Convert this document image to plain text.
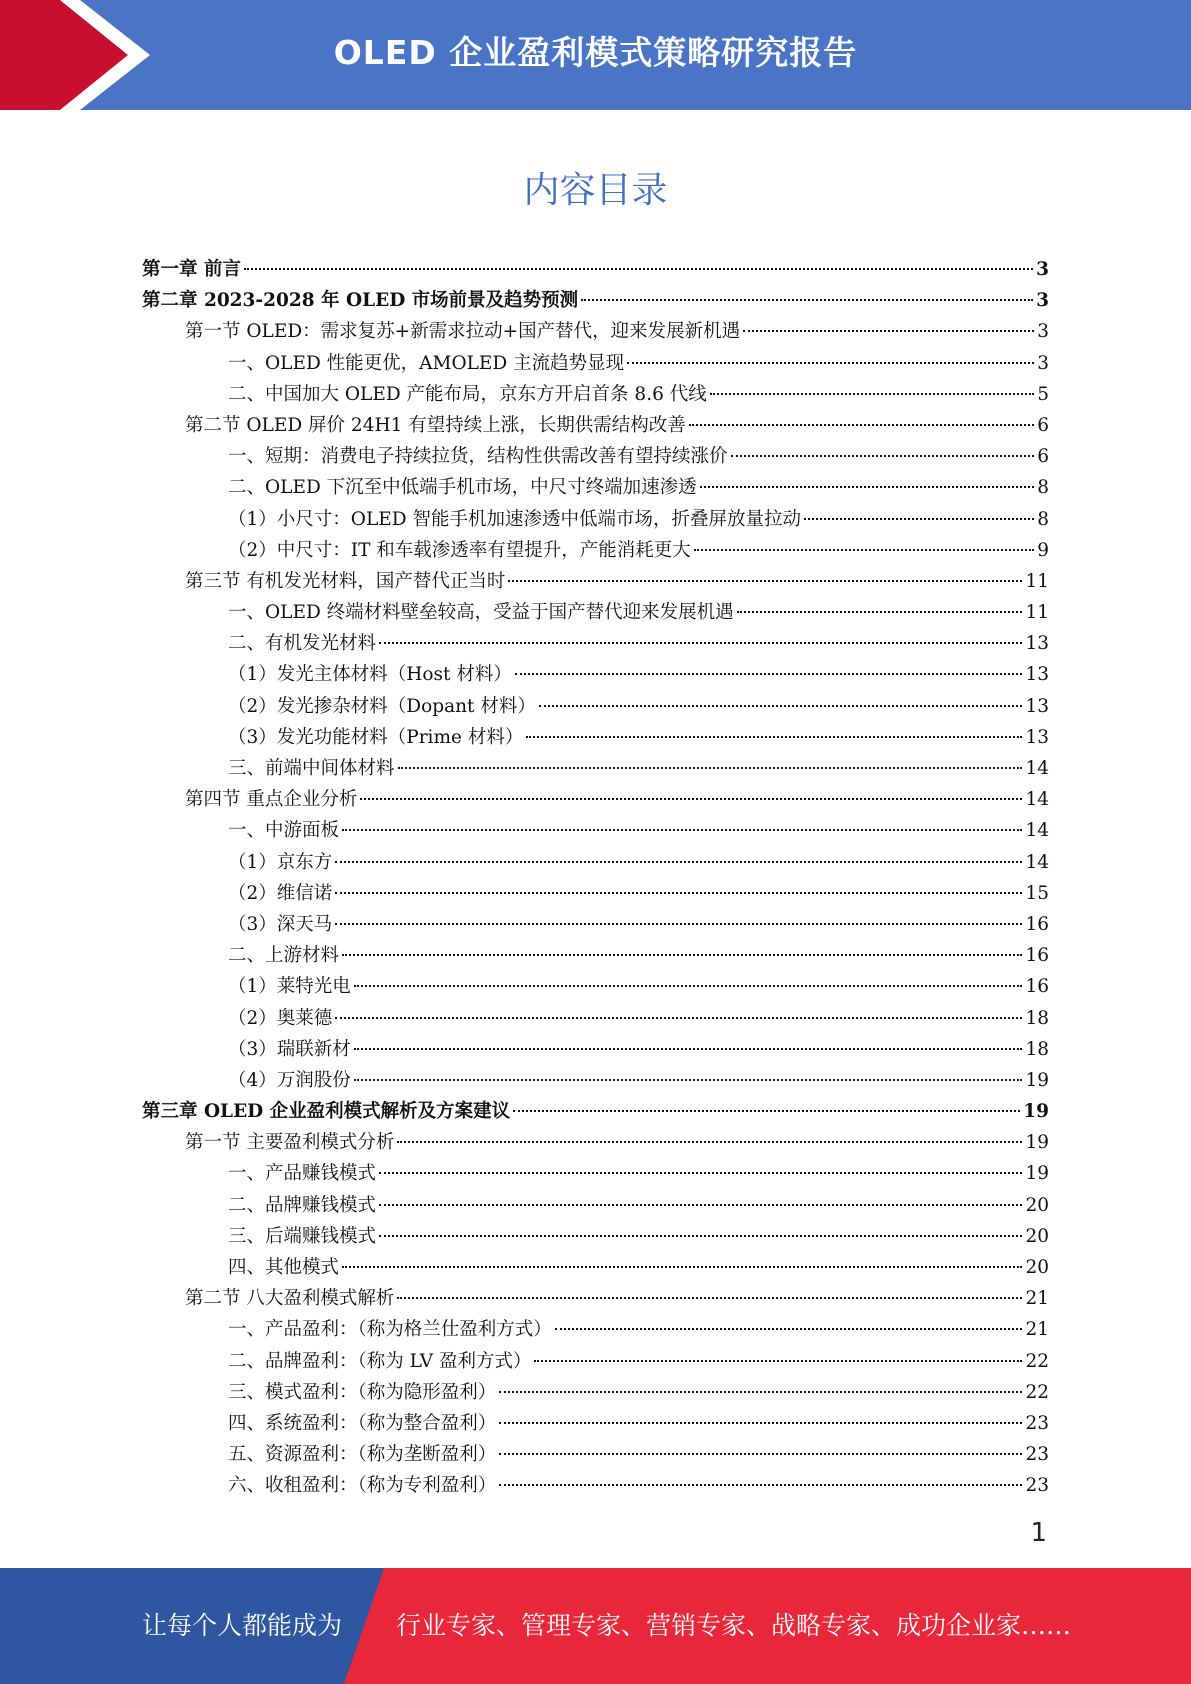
OLED 企业盈利模式策略研究报告
内容目录
第一章 前言	3
第二章 2023-2028 年 OLED 市场前景及趋势预测	3
第一节 OLED：需求复苏+新需求拉动+国产替代，迎来发展新机遇	3
一、OLED 性能更优，AMOLED 主流趋势显现	3
二、中国加大 OLED 产能布局，京东方开启首条 8.6 代线	5
第二节 OLED 屏价 24H1 有望持续上涨，长期供需结构改善	6
一、短期：消费电子持续拉货，结构性供需改善有望持续涨价	6
二、OLED 下沉至中低端手机市场，中尺寸终端加速渗透	8
（1）小尺寸：OLED 智能手机加速渗透中低端市场，折叠屏放量拉动	8
（2）中尺寸：IT 和车载渗透率有望提升，产能消耗更大	9
第三节 有机发光材料，国产替代正当时	11
一、OLED 终端材料壁垒较高，受益于国产替代迎来发展机遇	11
二、有机发光材料	13
（1）发光主体材料（Host 材料）	13
（2）发光掺杂材料（Dopant 材料）	13
（3）发光功能材料（Prime 材料）	13
三、前端中间体材料	14
第四节 重点企业分析	14
一、中游面板	14
（1）京东方	14
（2）维信诺	15
（3）深天马	16
二、上游材料	16
（1）莱特光电	16
（2）奥莱德	18
（3）瑞联新材	18
（4）万润股份	19
第三章 OLED 企业盈利模式解析及方案建议	19
第一节 主要盈利模式分析	19
一、产品赚钱模式	19
二、品牌赚钱模式	20
三、后端赚钱模式	20
四、其他模式	20
第二节 八大盈利模式解析	21
一、产品盈利：（称为格兰仕盈利方式）	21
二、品牌盈利：（称为 LV 盈利方式）	22
三、模式盈利：（称为隐形盈利）	22
四、系统盈利：（称为整合盈利）	23
五、资源盈利：（称为垄断盈利）	23
六、收租盈利：（称为专利盈利）	23
1
让每个人都能成为 行业专家、管理专家、营销专家、战略专家、成功企业家……
